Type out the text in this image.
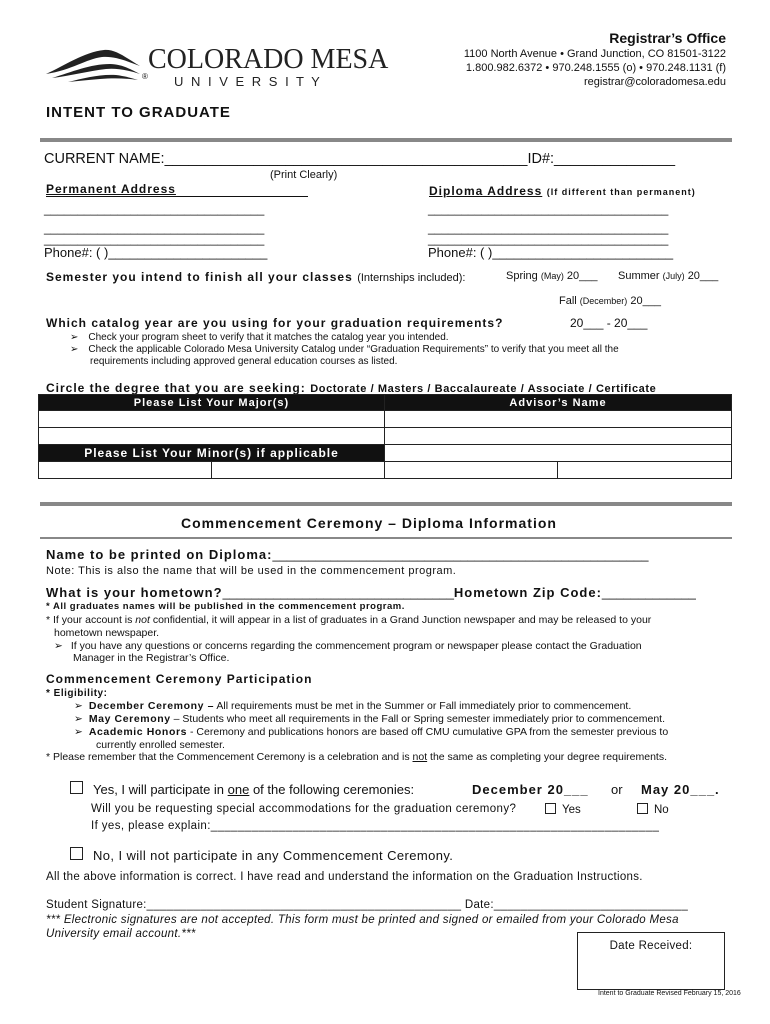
COLORADO MESA
U N I V E R S I T Y
®
Registrar’s Office
1100 North Avenue • Grand Junction, CO 81501-3122
1.800.982.6372 • 970.248.1555 (o) • 970.248.1131 (f)
registrar@coloradomesa.edu
INTENT TO GRADUATE
CURRENT NAME:_____________________________________________ID#:_______________
(Print Clearly)
Permanent Address	Diploma Address (If different than permanent)
_________________________________
_________________________________
_________________________________
____________________________________
____________________________________
____________________________________
Phone#: ( )______________________	Phone#: ( )_________________________
Semester you intend to finish all your classes (Internships included):	Spring (May) 20___ Summer (July) 20___
Fall (December) 20___
Which catalog year are you using for your graduation requirements?	20___ - 20___
➢ Check your program sheet to verify that it matches the catalog year you intended.
➢ Check the applicable Colorado Mesa University Catalog under “Graduation Requirements” to verify that you meet all the
requirements including approved general education courses as listed.
Circle the degree that you are seeking: Doctorate / Masters / Baccalaureate / Associate / Certificate
Please List Your Major(s)		Advisor’s Name	

Please List Your Minor(s) if applicable			

Commencement Ceremony – Diploma Information
Name to be printed on Diploma:____________________________________________________
Note: This is also the name that will be used in the commencement program.
What is your hometown?________________________________Hometown Zip Code:_____________
* All graduates names will be published in the commencement program.
* If your account is not confidential, it will appear in a list of graduates in a Grand Junction newspaper and may be released to your
hometown newspaper.
➢ If you have any questions or concerns regarding the commencement program or newspaper please contact the Graduation
Manager in the Registrar’s Office.
Commencement Ceremony Participation
* Eligibility:
➢ December Ceremony – All requirements must be met in the Summer or Fall immediately prior to commencement.
➢ May Ceremony – Students who meet all requirements in the Fall or Spring semester immediately prior to commencement.
➢ Academic Honors - Ceremony and publications honors are based off CMU cumulative GPA from the semester previous to
currently enrolled semester.
* Please remember that the Commencement Ceremony is a celebration and is not the same as completing your degree requirements.
Yes, I will participate in one of the following ceremonies:	December 20___ or May 20___.
Will you be requesting special accommodations for the graduation ceremony?	Yes	No
If yes, please explain:__________________________________________________________________
No, I will not participate in any Commencement Ceremony.
All the above information is correct. I have read and understand the information on the Graduation Instructions.
Student Signature:_______________________________________________ Date:_____________________________
*** Electronic signatures are not accepted. This form must be printed and signed or emailed from your Colorado Mesa
University email account.***
Date Received:
Intent to Graduate Revised February 15, 2016
